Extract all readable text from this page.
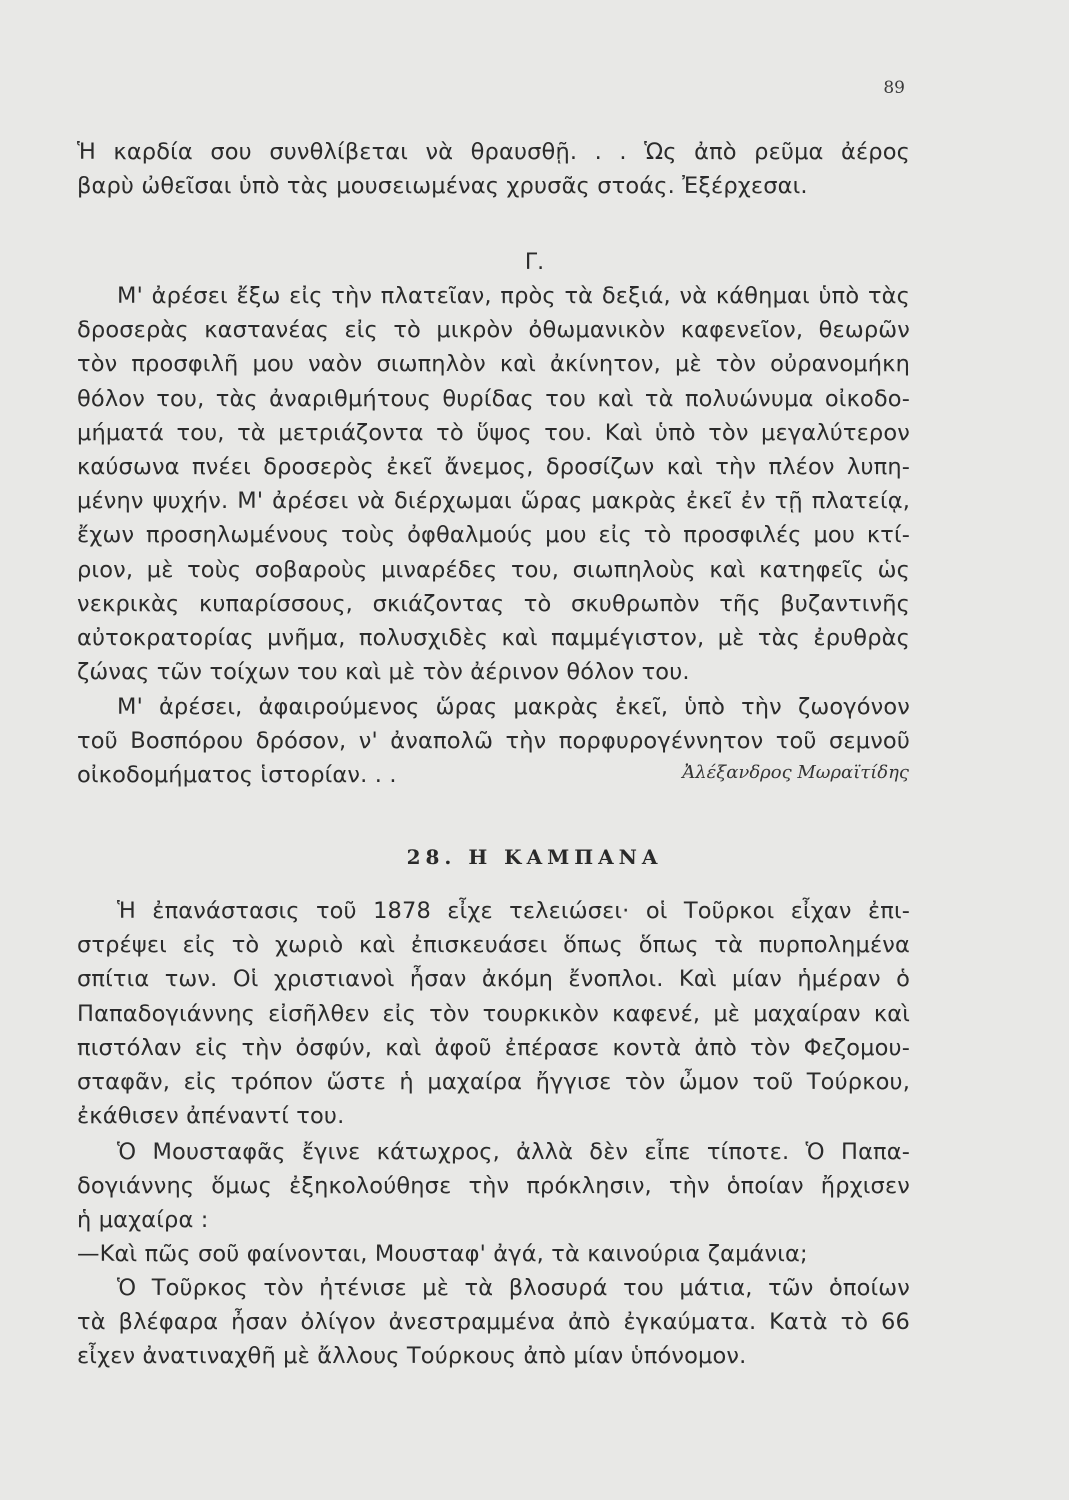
89
Ἡ καρδία σου συνθλίβεται νὰ θραυσθῇ. . . Ὡς ἀπὸ ρεῦμα ἀέρος
βαρὺ ὠθεῖσαι ὑπὸ τὰς μουσειωμένας χρυσᾶς στοάς. Ἐξέρχεσαι.
Γ.
Μ' ἀρέσει ἔξω εἰς τὴν πλατεῖαν, πρὸς τὰ δεξιά, νὰ κάθημαι ὑπὸ τὰς
δροσερὰς καστανέας εἰς τὸ μικρὸν ὀθωμανικὸν καφενεῖον, θεωρῶν
τὸν προσφιλῆ μου ναὸν σιωπηλὸν καὶ ἀκίνητον, μὲ τὸν οὐρανομήκη
θόλον του, τὰς ἀναριθμήτους θυρίδας του καὶ τὰ πολυώνυμα οἰκοδο-
μήματά του, τὰ μετριάζοντα τὸ ὕψος του. Καὶ ὑπὸ τὸν μεγαλύτερον
καύσωνα πνέει δροσερὸς ἐκεῖ ἄνεμος, δροσίζων καὶ τὴν πλέον λυπη-
μένην ψυχήν. Μ' ἀρέσει νὰ διέρχωμαι ὥρας μακρὰς ἐκεῖ ἐν τῇ πλατείᾳ,
ἔχων προσηλωμένους τοὺς ὀφθαλμούς μου εἰς τὸ προσφιλές μου κτί-
ριον, μὲ τοὺς σοβαροὺς μιναρέδες του, σιωπηλοὺς καὶ κατηφεῖς ὡς
νεκρικὰς κυπαρίσσους, σκιάζοντας τὸ σκυθρωπὸν τῆς βυζαντινῆς
αὐτοκρατορίας μνῆμα, πολυσχιδὲς καὶ παμμέγιστον, μὲ τὰς ἐρυθρὰς
ζώνας τῶν τοίχων του καὶ μὲ τὸν ἀέρινον θόλον του.
Μ' ἀρέσει, ἀφαιρούμενος ὥρας μακρὰς ἐκεῖ, ὑπὸ τὴν ζωογόνον
τοῦ Βοσπόρου δρόσον, ν' ἀναπολῶ τὴν πορφυρογέννητον τοῦ σεμνοῦ
οἰκοδομήματος ἱστορίαν. . .	Ἀλέξανδρος Μωραϊτίδης
28. Η ΚΑΜΠΑΝΑ
Ἡ ἐπανάστασις τοῦ 1878 εἶχε τελειώσει· οἱ Τοῦρκοι εἶχαν ἐπι-
στρέψει εἰς τὸ χωριὸ καὶ ἐπισκευάσει ὅπως ὅπως τὰ πυρπολημένα
σπίτια των. Οἱ χριστιανοὶ ἦσαν ἀκόμη ἔνοπλοι. Καὶ μίαν ἡμέραν ὁ
Παπαδογιάννης εἰσῆλθεν εἰς τὸν τουρκικὸν καφενέ, μὲ μαχαίραν καὶ
πιστόλαν εἰς τὴν ὀσφύν, καὶ ἀφοῦ ἐπέρασε κοντὰ ἀπὸ τὸν Φεζομου-
σταφᾶν, εἰς τρόπον ὥστε ἡ μαχαίρα ἤγγισε τὸν ὦμον τοῦ Τούρκου,
ἐκάθισεν ἀπέναντί του.
Ὁ Μουσταφᾶς ἔγινε κάτωχρος, ἀλλὰ δὲν εἶπε τίποτε. Ὁ Παπα-
δογιάννης ὅμως ἐξηκολούθησε τὴν πρόκλησιν, τὴν ὁποίαν ἤρχισεν
ἡ μαχαίρα :
—Καὶ πῶς σοῦ φαίνονται, Μουσταφ' ἀγά, τὰ καινούρια ζαμάνια;
Ὁ Τοῦρκος τὸν ἠτένισε μὲ τὰ βλοσυρά του μάτια, τῶν ὁποίων
τὰ βλέφαρα ἦσαν ὀλίγον ἀνεστραμμένα ἀπὸ ἐγκαύματα. Κατὰ τὸ 66
εἶχεν ἀνατιναχθῆ μὲ ἄλλους Τούρκους ἀπὸ μίαν ὑπόνομον.
